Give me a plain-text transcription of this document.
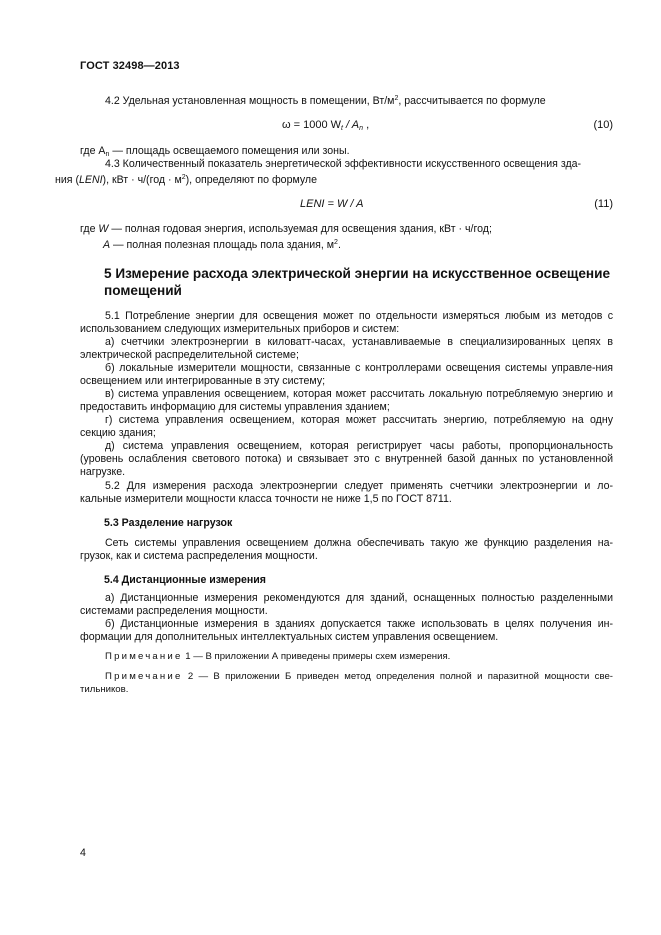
ГОСТ 32498—2013
4.2 Удельная установленная мощность в помещении, $Вт/м^2$, рассчитывается по формуле
ω = 1000 $W_t / A_n$ ,	(10)
где $A_n$ — площадь освещаемого помещения или зоны.
4.3 Количественный показатель энергетической эффективности искусственного освещения зда-
ния (LENI), кВт · $ч/(год \cdot м^2)$, определяют по формуле
LENI = W / A	(11)
где W — полная годовая энергия, используемая для освещения здания, кВт · ч/год;
A — полная полезная площадь пола здания, $м^2$.
5 Измерение расхода электрической энергии на искусственное освещение помещений
5.1 Потребление энергии для освещения может по отдельности измеряться любым из методов с использованием следующих измерительных приборов и систем:
а) счетчики электроэнергии в киловатт-часах, устанавливаемые в специализированных цепях в электрической распределительной системе;
б) локальные измерители мощности, связанные с контроллерами освещения системы управле-ния освещением или интегрированные в эту систему;
в) система управления освещением, которая может рассчитать локальную потребляемую энергию и предоставить информацию для системы управления зданием;
г) система управления освещением, которая может рассчитать энергию, потребляемую на одну секцию здания;
д) система управления освещением, которая регистрирует часы работы, пропорциональность (уровень ослабления светового потока) и связывает это с внутренней базой данных по установленной нагрузке.
5.2 Для измерения расхода электроэнергии следует применять счетчики электроэнергии и ло-кальные измерители мощности класса точности не ниже 1,5 по ГОСТ 8711.
5.3 Разделение нагрузок
Сеть системы управления освещением должна обеспечивать такую же функцию разделения на-грузок, как и система распределения мощности.
5.4 Дистанционные измерения
а) Дистанционные измерения рекомендуются для зданий, оснащенных полностью разделенными системами распределения мощности.
б) Дистанционные измерения в зданиях допускается также использовать в целях получения ин-формации для дополнительных интеллектуальных систем управления освещением.
Примечание 1 — В приложении А приведены примеры схем измерения.
Примечание 2 — В приложении Б приведен метод определения полной и паразитной мощности све-тильников.
4
